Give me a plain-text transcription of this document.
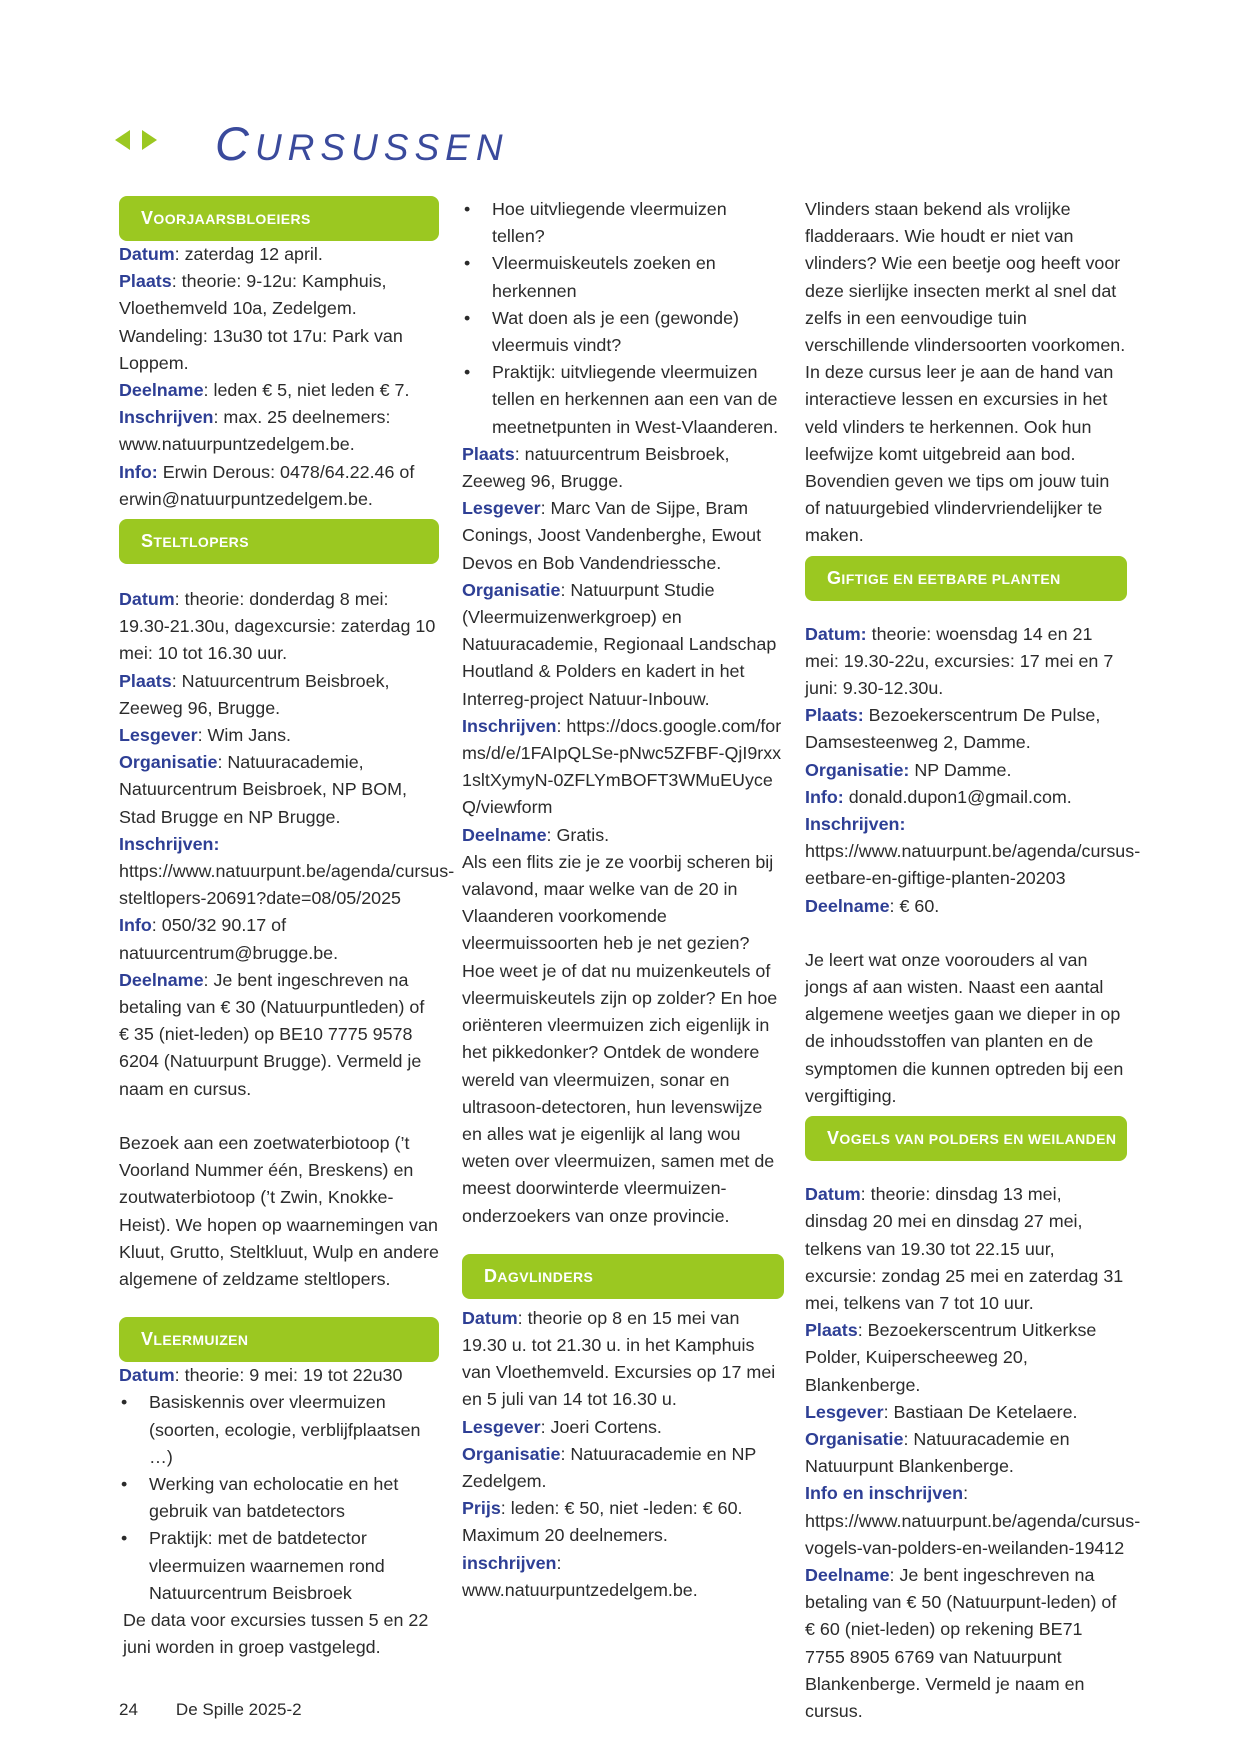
CURSUSSEN
VOORJAARSBLOEIERS

Datum: zaterdag 12 april.

Plaats: theorie: 9-12u: Kamphuis, Vloethemveld 10a, Zedelgem. Wandeling: 13u30 tot 17u: Park van Loppem.

Deelname: leden € 5, niet leden € 7.

Inschrijven: max. 25 deelnemers: www.natuurpuntzedelgem.be.

Info: Erwin Derous: 0478/64.22.46 of erwin@natuurpuntzedelgem.be.

STELTLOPERS

Datum: theorie: donderdag 8 mei: 19.30-21.30u, dagexcursie: zaterdag 10 mei: 10 tot 16.30 uur.

Plaats: Natuurcentrum Beisbroek, Zeeweg 96, Brugge.

Lesgever: Wim Jans.

Organisatie: Natuuracademie, Natuurcentrum Beisbroek, NP BOM, Stad Brugge en NP Brugge.

Inschrijven: https://www.natuurpunt.be/agenda/cursus-steltlopers-20691?date=08/05/2025

Info: 050/32 90.17 of natuurcentrum@brugge.be.

Deelname: Je bent ingeschreven na betaling van € 30 (Natuurpuntleden) of € 35 (niet-leden) op BE10 7775 9578 6204 (Natuurpunt Brugge). Vermeld je naam en cursus.

Bezoek aan een zoetwaterbiotoop (’t Voorland Nummer één, Breskens) en zoutwaterbiotoop (’t Zwin, Knokke-Heist). We hopen op waarnemingen van Kluut, Grutto, Steltkluut, Wulp en andere algemene of zeldzame steltlopers.

VLEERMUIZEN

Datum: theorie: 9 mei: 19 tot 22u30

• Basiskennis over vleermuizen (soorten, ecologie, verblijfplaatsen …)
• Werking van echolocatie en het gebruik van batdetectors
• Praktijk: met de batdetector vleermuizen waarnemen rond Natuurcentrum Beisbroek

De data voor excursies tussen 5 en 22 juni worden in groep vastgelegd.

• Hoe uitvliegende vleermuizen tellen?
• Vleermuiskeutels zoeken en herkennen
• Wat doen als je een (gewonde) vleermuis vindt?
• Praktijk: uitvliegende vleermuizen tellen en herkennen aan een van de meetnetpunten in West-Vlaanderen.

Plaats: natuurcentrum Beisbroek, Zeeweg 96, Brugge.

Lesgever: Marc Van de Sijpe, Bram Conings, Joost Vandenberghe, Ewout Devos en Bob Vandendriessche.

Organisatie: Natuurpunt Studie (Vleermuizenwerkgroep) en Natuuracademie, Regionaal Landschap Houtland & Polders en kadert in het Interreg-project Natuur-Inbouw.

Inschrijven: https://docs.google.com/forms/d/e/1FAIpQLSe-pNwc5ZFBF-QjI9rxx1sltXymyN-0ZFLYmBOFT3WMuEUyceQ/viewform

Deelname: Gratis.

Als een flits zie je ze voorbij scheren bij valavond, maar welke van de 20 in Vlaanderen voorkomende vleermuissoorten heb je net gezien? Hoe weet je of dat nu muizenkeutels of vleermuiskeutels zijn op zolder? En hoe oriënteren vleermuizen zich eigenlijk in het pikkedonker? Ontdek de wondere wereld van vleermuizen, sonar en ultrasoon-detectoren, hun levenswijze en alles wat je eigenlijk al lang wou weten over vleermuizen, samen met de meest doorwinterde vleermuizen-onderzoekers van onze provincie.

DAGVLINDERS

Datum: theorie op 8 en 15 mei van 19.30 u. tot 21.30 u. in het Kamphuis van Vloethemveld. Excursies op 17 mei en 5 juli van 14 tot 16.30 u.

Lesgever: Joeri Cortens.

Organisatie: Natuuracademie en NP Zedelgem.

Prijs: leden: € 50, niet -leden: € 60. Maximum 20 deelnemers.

inschrijven: www.natuurpuntzedelgem.be.

Vlinders staan bekend als vrolijke fladderaars. Wie houdt er niet van vlinders? Wie een beetje oog heeft voor deze sierlijke insecten merkt al snel dat zelfs in een eenvoudige tuin verschillende vlindersoorten voorkomen. In deze cursus leer je aan de hand van interactieve lessen en excursies in het veld vlinders te herkennen. Ook hun leefwijze komt uitgebreid aan bod. Bovendien geven we tips om jouw tuin of natuurgebied vlindervriendelijker te maken.

GIFTIGE EN EETBARE PLANTEN

Datum: theorie: woensdag 14 en 21 mei: 19.30-22u, excursies: 17 mei en 7 juni: 9.30-12.30u.

Plaats: Bezoekerscentrum De Pulse, Damsesteenweg 2, Damme.

Organisatie: NP Damme.

Info: donald.dupon1@gmail.com.

Inschrijven: https://www.natuurpunt.be/agenda/cursus-eetbare-en-giftige-planten-20203

Deelname: € 60.

Je leert wat onze voorouders al van jongs af aan wisten. Naast een aantal algemene weetjes gaan we dieper in op de inhoudsstoffen van planten en de symptomen die kunnen optreden bij een vergiftiging.

VOGELS VAN POLDERS EN WEILANDEN

Datum: theorie: dinsdag 13 mei, dinsdag 20 mei en dinsdag 27 mei, telkens van 19.30 tot 22.15 uur, excursie: zondag 25 mei en zaterdag 31 mei, telkens van 7 tot 10 uur.

Plaats: Bezoekerscentrum Uitkerkse Polder, Kuiperscheeweg 20, Blankenberge.

Lesgever: Bastiaan De Ketelaere.

Organisatie: Natuuracademie en Natuurpunt Blankenberge.

Info en inschrijven: https://www.natuurpunt.be/agenda/cursus-vogels-van-polders-en-weilanden-19412

Deelname: Je bent ingeschreven na betaling van € 50 (Natuurpunt-leden) of € 60 (niet-leden) op rekening BE71 7755 8905 6769 van Natuurpunt Blankenberge. Vermeld je naam en cursus.

24 De Spille 2025-2
